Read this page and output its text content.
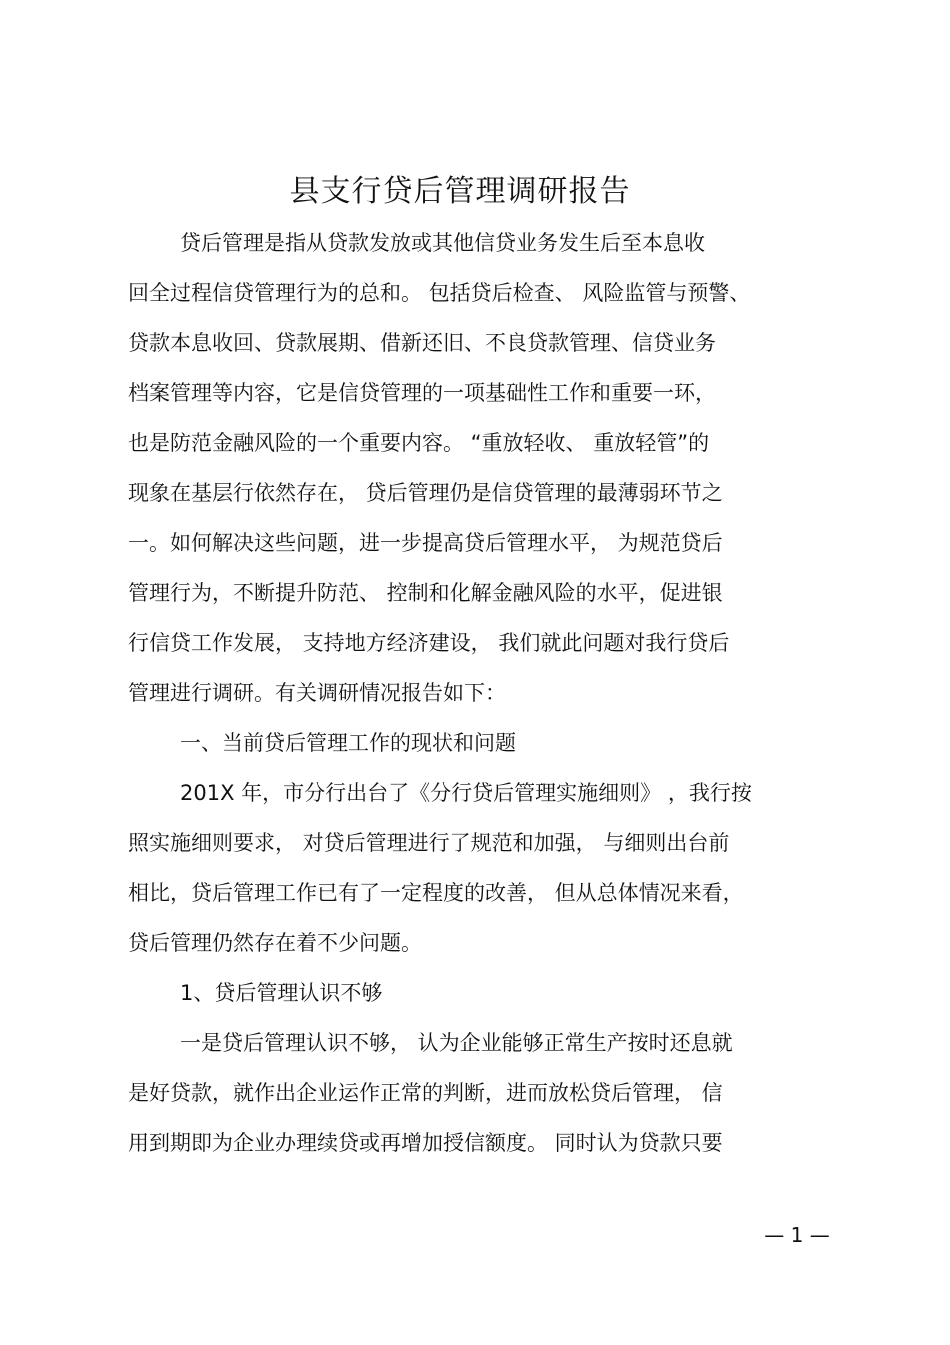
县支行贷后管理调研报告
贷后管理是指从贷款发放或其他信贷业务发生后至本息收
回全过程信贷管理行为的总和。 包括贷后检查、 风险监管与预警、
贷款本息收回、贷款展期、借新还旧、不良贷款管理、信贷业务
档案管理等内容，它是信贷管理的一项基础性工作和重要一环，
也是防范金融风险的一个重要内容。 “重放轻收、 重放轻管”的
现象在基层行依然存在， 贷后管理仍是信贷管理的最薄弱环节之
一。如何解决这些问题，进一步提高贷后管理水平， 为规范贷后
管理行为，不断提升防范、 控制和化解金融风险的水平，促进银
行信贷工作发展， 支持地方经济建设， 我们就此问题对我行贷后
管理进行调研。有关调研情况报告如下：
一、当前贷后管理工作的现状和问题
201X 年，市分行出台了《分行贷后管理实施细则》 ，我行按
照实施细则要求， 对贷后管理进行了规范和加强， 与细则出台前
相比，贷后管理工作已有了一定程度的改善， 但从总体情况来看，
贷后管理仍然存在着不少问题。
1、贷后管理认识不够
一是贷后管理认识不够， 认为企业能够正常生产按时还息就
是好贷款，就作出企业运作正常的判断，进而放松贷后管理， 信
用到期即为企业办理续贷或再增加授信额度。 同时认为贷款只要
— 1 —
